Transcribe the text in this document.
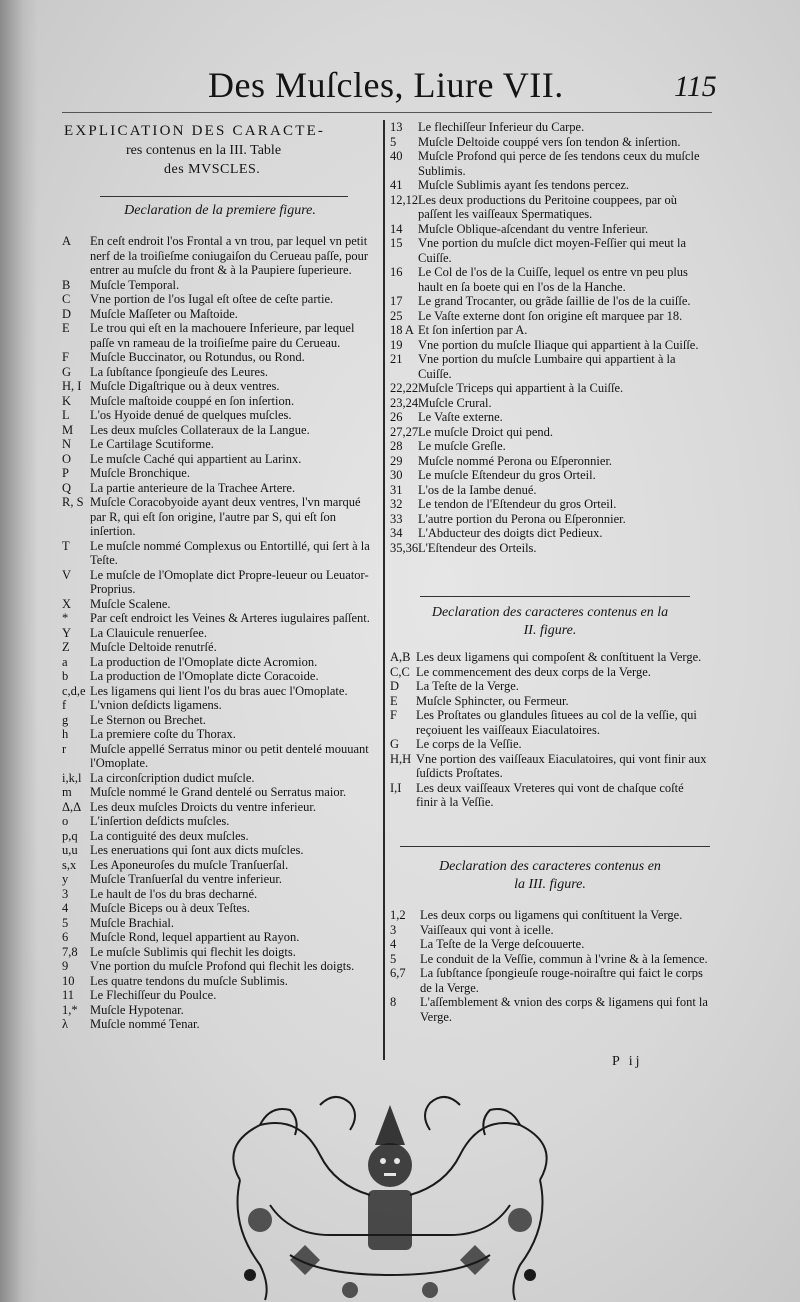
Des Muſcles, Liure VII.	115
EXPLICATION DES CARACTE-
res contenus en la III. Table
des MVSCLES.
Declaration de la premiere figure.
A	En ceſt endroit l'os Frontal a vn trou, par lequel vn petit nerf de la troiſieſme coniugaiſon du Cerueau paſſe, pour entrer au muſcle du front & à la Paupiere ſuperieure.
B	Muſcle Temporal.
C	Vne portion de l'os Iugal eſt oſtee de ceſte partie.
D	Muſcle Maſſeter ou Maſtoide.
E	Le trou qui eſt en la machouere Inferieure, par lequel paſſe vn rameau de la troiſieſme paire du Cerueau.
F	Muſcle Buccinator, ou Rotundus, ou Rond.
G	La ſubſtance ſpongieuſe des Leures.
H, I Muſcle Digaſtrique ou à deux ventres.
K	Muſcle maſtoide couppé en ſon inſertion.
L	L'os Hyoide denué de quelques muſcles.
M	Les deux muſcles Collateraux de la Langue.
N	Le Cartilage Scutiforme.
O	Le muſcle Caché qui appartient au Larinx.
P	Muſcle Bronchique.
Q	La partie anterieure de la Trachee Artere.
R, S Muſcle Coracobyoide ayant deux ventres, l'vn marqué par R, qui eſt ſon origine, l'autre par S, qui eſt ſon inſertion.
T	Le muſcle nommé Complexus ou Entortillé, qui ſert à la Teſte.
V	Le muſcle de l'Omoplate dict Propre-leueur ou Leuator-Proprius.
X	Muſcle Scalene.
*	Par ceſt endroict les Veines & Arteres iugulaires paſſent.
Y	La Clauicule renuerſee.
Z	Muſcle Deltoide renutrſé.
a	La production de l'Omoplate dicte Acromion.
b	La production de l'Omoplate dicte Coracoide.
c,d,e Les ligamens qui lient l'os du bras auec l'Omoplate.
f	L'vnion deſdicts ligamens.
g	Le Sternon ou Brechet.
h	La premiere coſte du Thorax.
r	Muſcle appellé Serratus minor ou petit dentelé mouuant l'Omoplate.
i,k,l La circonſcription dudict muſcle.
m	Muſcle nommé le Grand dentelé ou Serratus maior.
Δ,Δ Les deux muſcles Droicts du ventre inferieur.
o	L'inſertion deſdicts muſcles.
p,q La contiguité des deux muſcles.
u,u Les eneruations qui ſont aux dicts muſcles.
s,x	Les Aponeuroſes du muſcle Tranſuerſal.
y	Muſcle Tranſuerſal du ventre inferieur.
3	Le hault de l'os du bras decharné.
4	Muſcle Biceps ou à deux Teſtes.
5	Muſcle Brachial.
6	Muſcle Rond, lequel appartient au Rayon.
7,8 Le muſcle Sublimis qui flechit les doigts.
9	Vne portion du muſcle Profond qui flechit les doigts.
10	Les quatre tendons du muſcle Sublimis.
11	Le Flechiſſeur du Poulce.
1,* Muſcle Hypotenar.
λ	Muſcle nommé Tenar.
13	Le flechiſſeur Inferieur du Carpe.
5	Muſcle Deltoide couppé vers ſon tendon & inſertion.
40	Muſcle Profond qui perce de ſes tendons ceux du muſcle Sublimis.
41	Muſcle Sublimis ayant ſes tendons percez.
12,12 Les deux productions du Peritoine couppees, par où paſſent les vaiſſeaux Spermatiques.
14	Muſcle Oblique-aſcendant du ventre Inferieur.
15	Vne portion du muſcle dict moyen-Feſſier qui meut la Cuiſſe.
16	Le Col de l'os de la Cuiſſe, lequel os entre vn peu plus hault en ſa boete qui en l'os de la Hanche.
17	Le grand Trocanter, ou grãde ſaillie de l'os de la cuiſſe.
25	Le Vaſte externe dont ſon origine eſt marquee par 18.
18 A Et ſon inſertion par A.
19	Vne portion du muſcle Iliaque qui appartient à la Cuiſſe.
21	Vne portion du muſcle Lumbaire qui appartient à la Cuiſſe.
22,22 Muſcle Triceps qui appartient à la Cuiſſe.
23,24 Muſcle Crural.
26	Le Vaſte externe.
27,27 Le muſcle Droict qui pend.
28	Le muſcle Greſle.
29	Muſcle nommé Perona ou Eſperonnier.
30	Le muſcle Eſtendeur du gros Orteil.
31	L'os de la Iambe denué.
32	Le tendon de l'Eſtendeur du gros Orteil.
33	L'autre portion du Perona ou Eſperonnier.
34	L'Abducteur des doigts dict Pedieux.
35,36 L'Eſtendeur des Orteils.
Declaration des caracteres contenus en la
II. figure.
A,B Les deux ligamens qui compoſent & conſtituent la Verge.
C,C Le commencement des deux corps de la Verge.
D	La Teſte de la Verge.
E	Muſcle Sphincter, ou Fermeur.
F	Les Proſtates ou glandules ſituees au col de la veſſie, qui reçoiuent les vaiſſeaux Eiaculatoires.
G	Le corps de la Veſſie.
H,H Vne portion des vaiſſeaux Eiaculatoires, qui vont finir aux ſuſdicts Proſtates.
I,I	Les deux vaiſſeaux Vreteres qui vont de chaſque coſté finir à la Veſſie.
Declaration des caracteres contenus en
la III. figure.
1,2	Les deux corps ou ligamens qui conſtituent la Verge.
3	Vaiſſeaux qui vont à icelle.
4	La Teſte de la Verge deſcouuerte.
5	Le conduit de la Veſſie, commun à l'vrine & à la ſemence.
6,7	La ſubſtance ſpongieuſe rouge-noiraſtre qui faict le corps de la Verge.
8	L'aſſemblement & vnion des corps & ligamens qui font la Verge.
P ij
